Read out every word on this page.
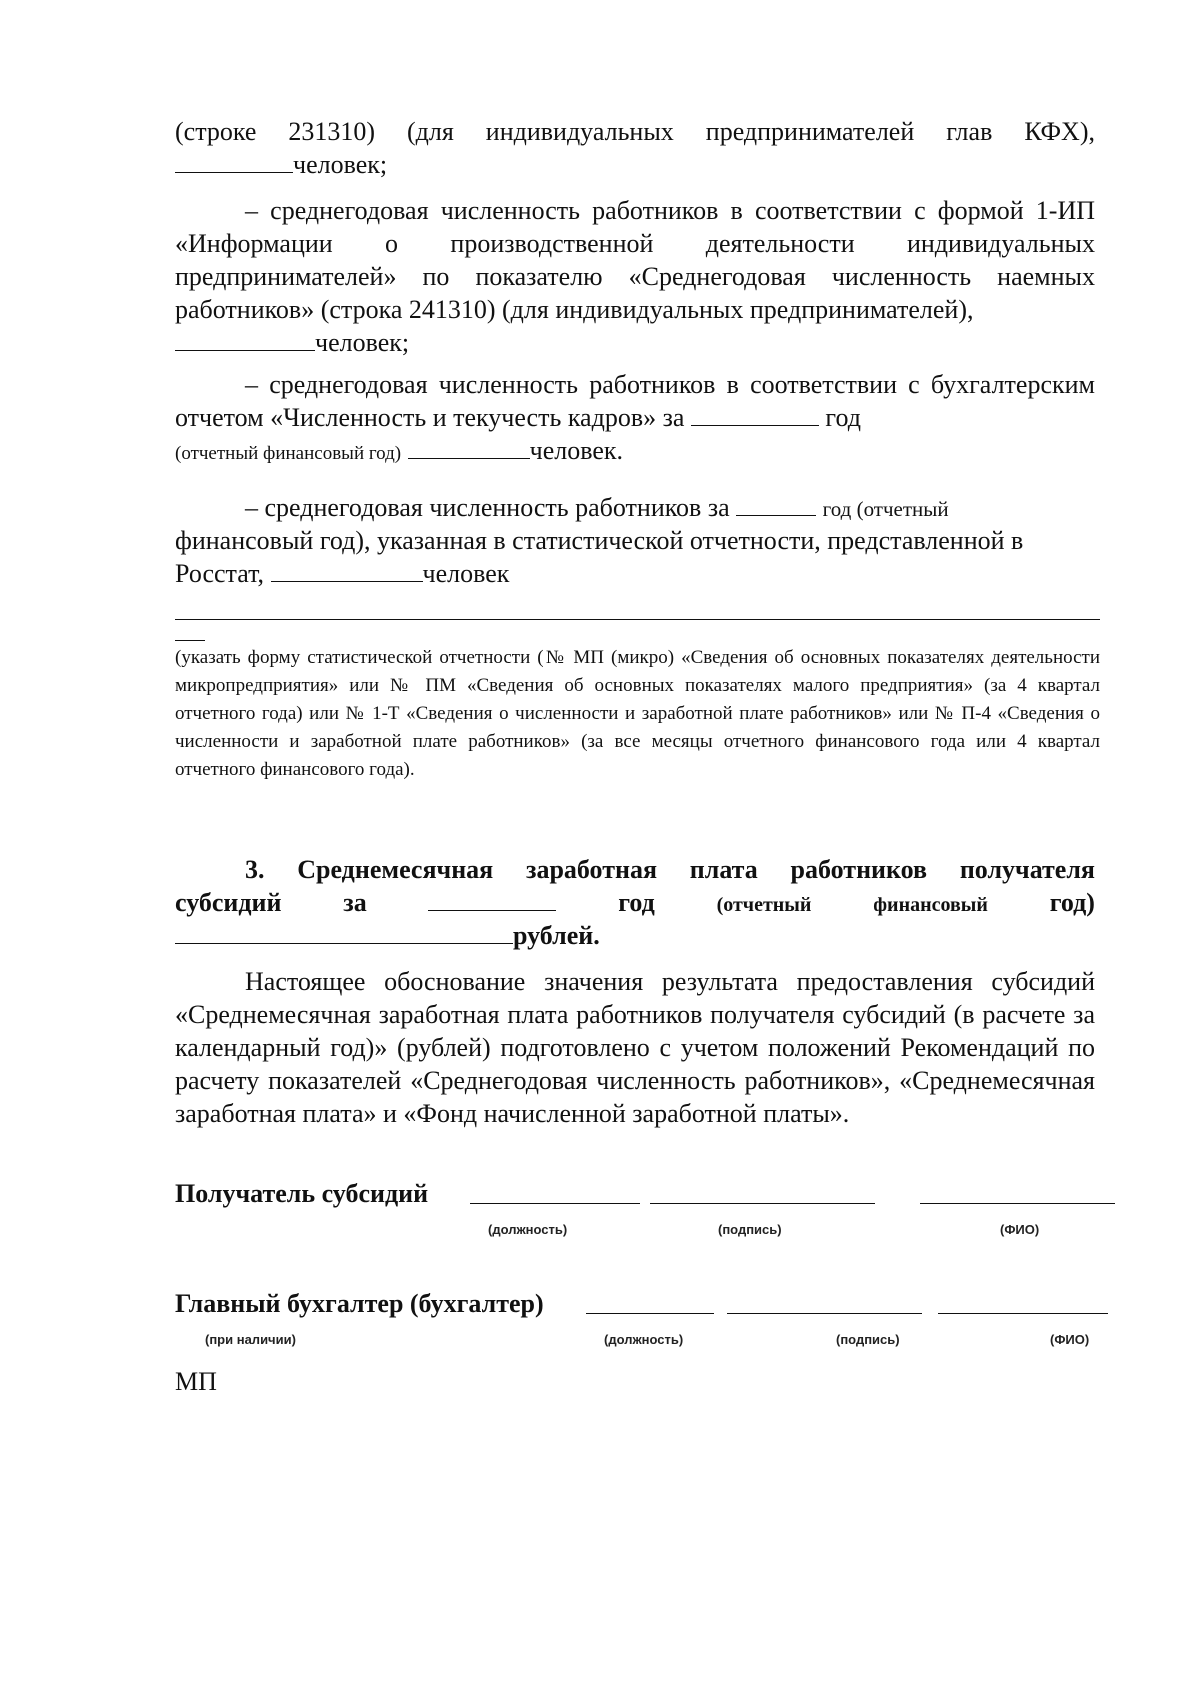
(строке 231310) (для индивидуальных предпринимателей глав КФХ),

человек;

– среднегодовая численность работников в соответствии с формой 1-ИП «Информации о производственной деятельности индивидуальных предпринимателей» по показателю «Среднегодовая численность наемных работников» (строка 241310) (для индивидуальных предпринимателей),
человек;

– среднегодовая численность работников в соответствии с бухгалтерским отчетом «Численность и текучесть кадров» за	год
(отчетный финансовый год)	человек.

– среднегодовая численность работников за	год (отчетный

финансовый год), указанная в статистической отчетности, представленной в

Росстат,	человек

(указать форму статистической отчетности (№ МП (микро) «Сведения об основных показателях деятельности микропредприятия» или № ПМ «Сведения об основных показателях малого предприятия» (за 4 квартал отчетного года) или № 1-Т «Сведения о численности и заработной плате работников» или № П-4 «Сведения о численности и заработной плате работников» (за все месяцы отчетного финансового года или 4 квартал отчетного финансового года).

3. Среднемесячная заработная плата работников получателя

субсидий за	год	(отчетный	финансовый год)

рублей.

Настоящее обоснование значения результата предоставления субсидий «Среднемесячная заработная плата работников получателя субсидий (в расчете за календарный год)» (рублей) подготовлено с учетом положений Рекомендаций по расчету показателей «Среднегодовая численность работников», «Среднемесячная заработная плата» и «Фонд начисленной заработной платы».

Получатель субсидий
(должность)	(подпись)	(ФИО)
Главный бухгалтер (бухгалтер)
(при наличии)	(должность)	(подпись)	(ФИО)
МП
